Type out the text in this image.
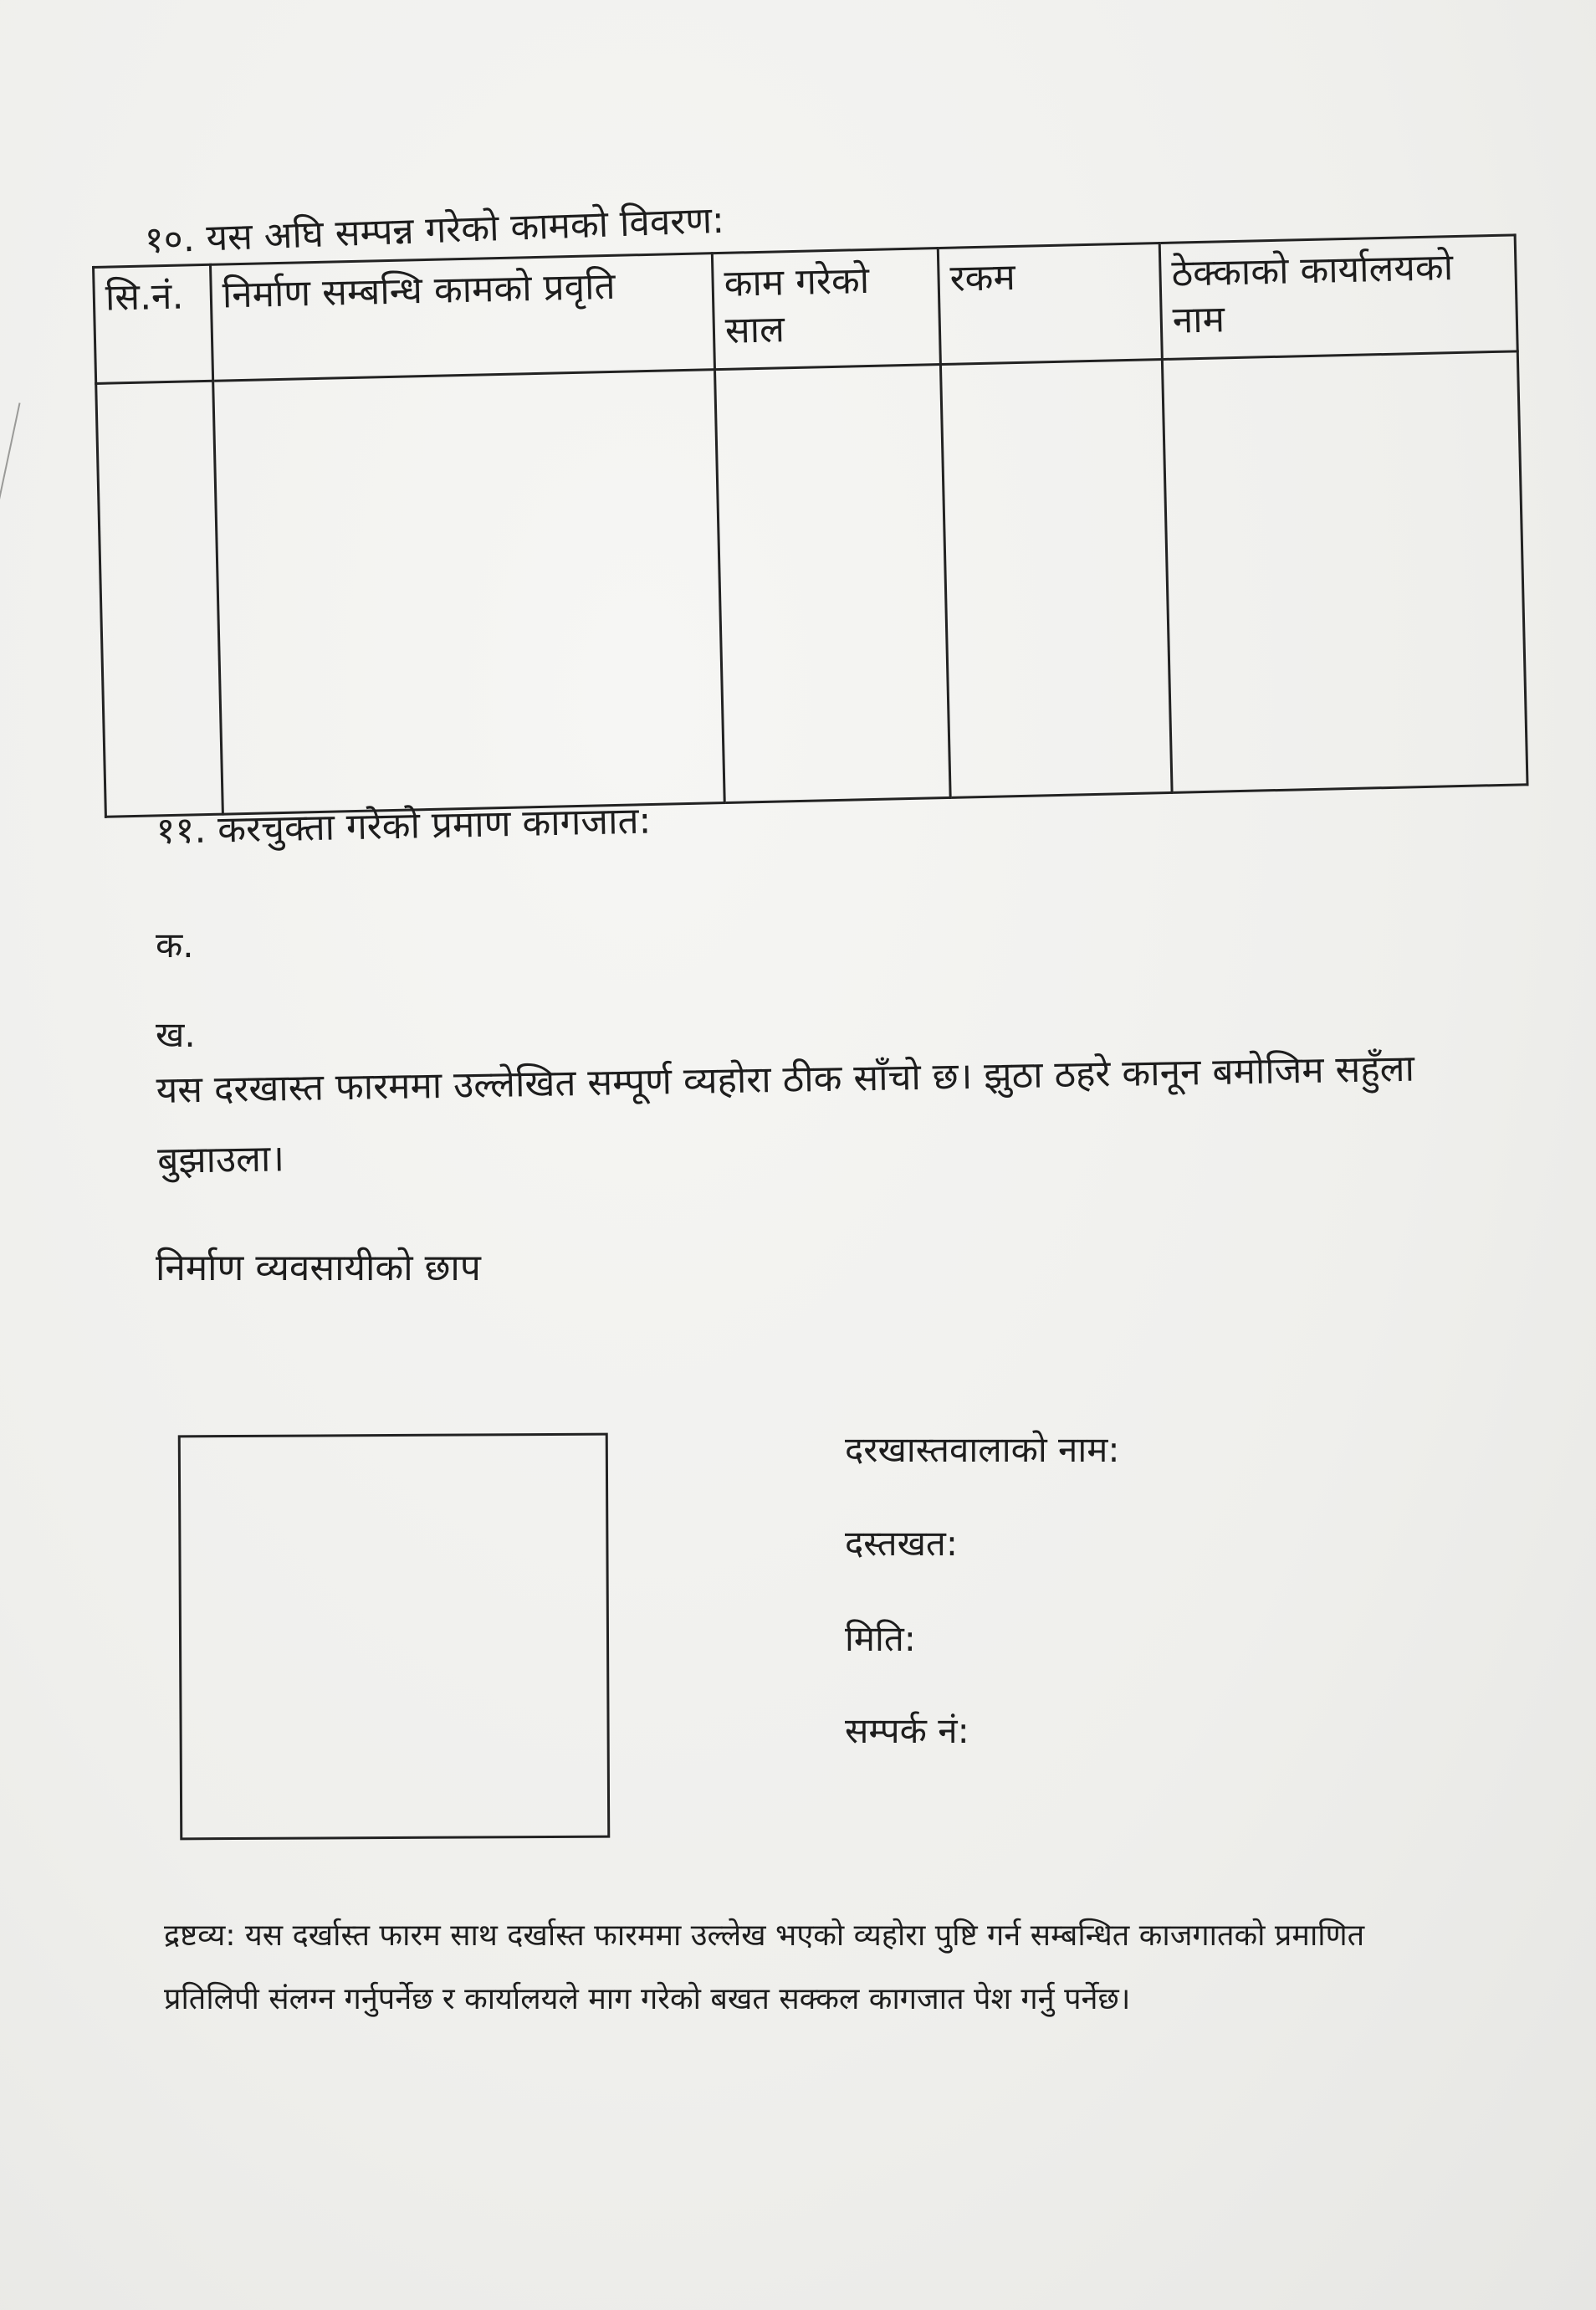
१०. यस अघि सम्पन्न गरेको कामको विवरण:
सि.नं.	निर्माण सम्बन्धि कामको प्रवृति	काम गरेको साल	रकम	ठेक्काको कार्यालयको नाम

११. करचुक्ता गरेको प्रमाण कागजात:
क.
ख.
यस दरखास्त फारममा उल्लेखित सम्पूर्ण व्यहोरा ठीक साँचो छ। झुठा ठहरे कानून बमोजिम सहुँला बुझाउला।
निर्माण व्यवसायीको छाप
दरखास्तवालाको नाम:
दस्तखत:
मिति:
सम्पर्क नं:
द्रष्टव्य: यस दर्खास्त फारम साथ दर्खास्त फारममा उल्लेख भएको व्यहोरा पुष्टि गर्न सम्बन्धित काजगातको प्रमाणित प्रतिलिपी संलग्न गर्नुपर्नेछ र कार्यालयले माग गरेको बखत सक्कल कागजात पेश गर्नु पर्नेछ।
